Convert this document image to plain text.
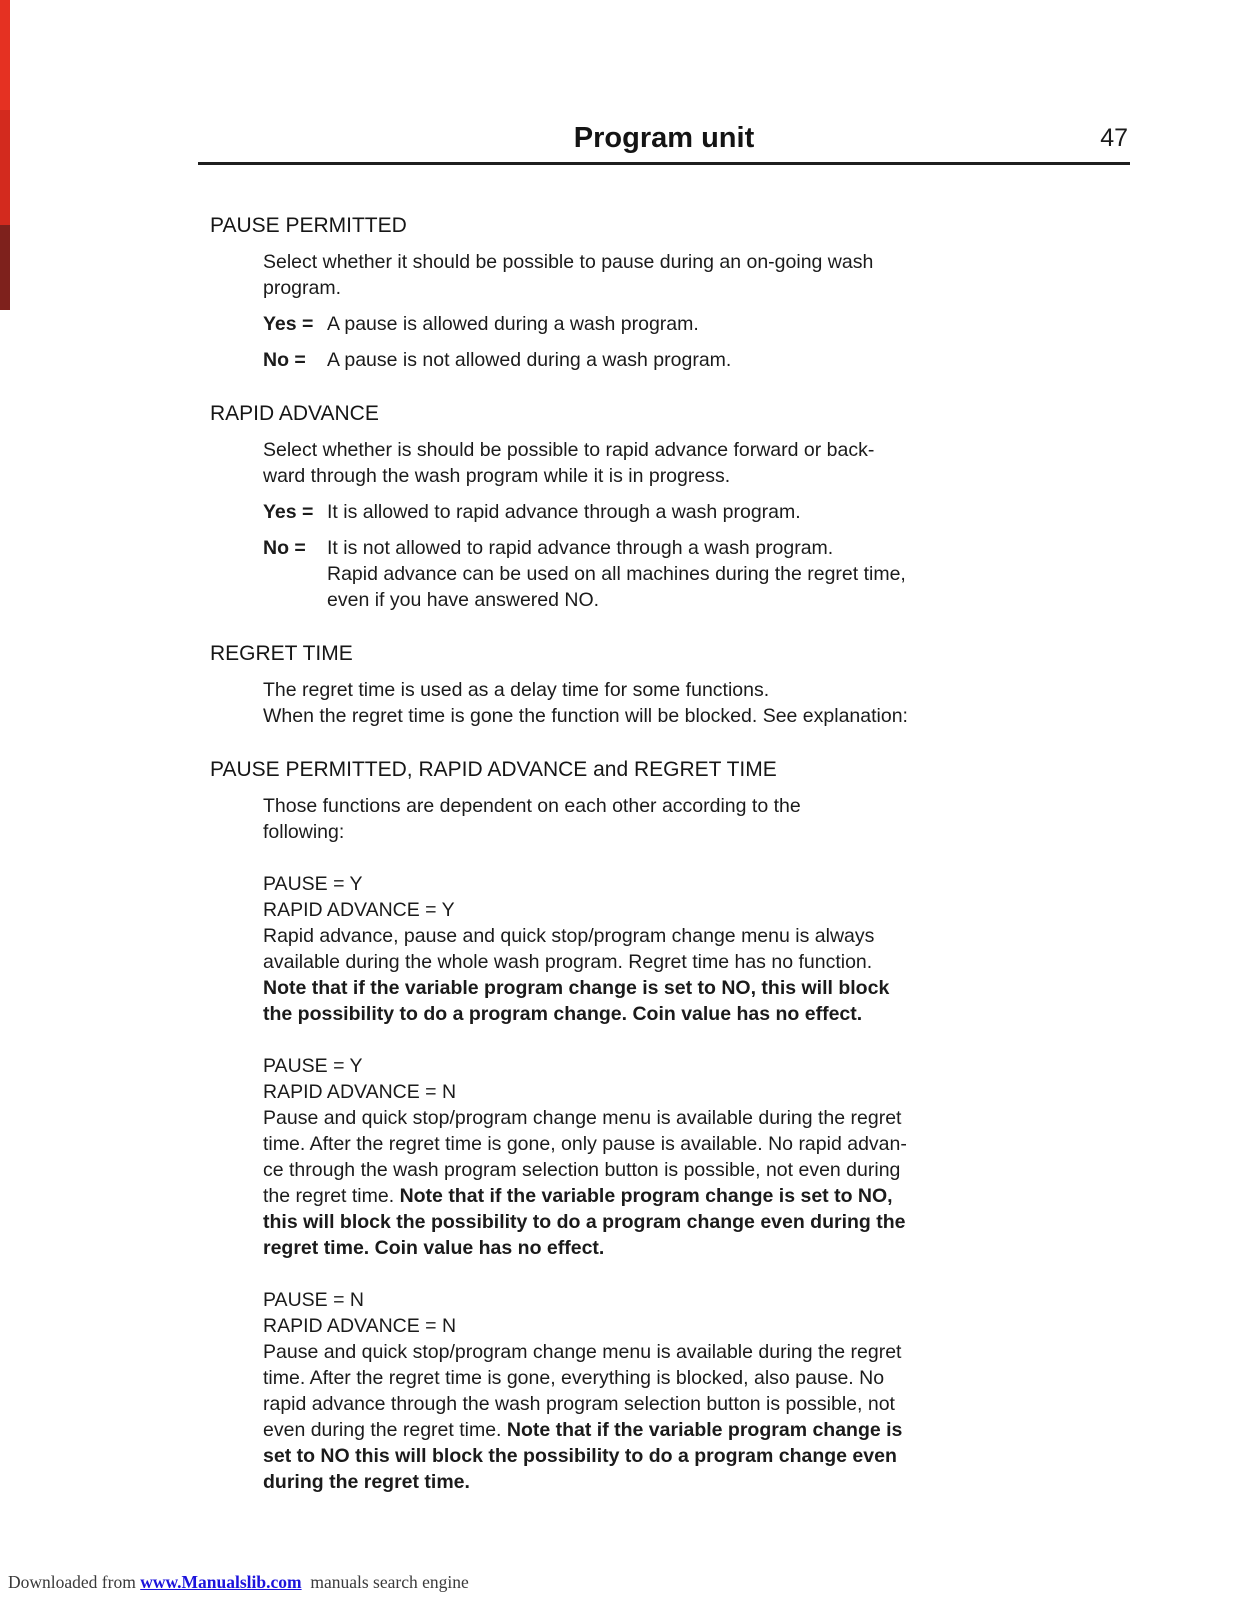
Program unit	47
PAUSE PERMITTED
Select whether it should be possible to pause during an on-going wash
program.
Yes = A pause is allowed during a wash program.
No =	A pause is not allowed during a wash program.
RAPID ADVANCE
Select whether is should be possible to rapid advance forward or back-
ward through the wash program while it is in progress.
Yes = It is allowed to rapid advance through a wash program.
No =	It is not allowed to rapid advance through a wash program.
Rapid advance can be used on all machines during the regret time,
even if you have answered NO.
REGRET TIME
The regret time is used as a delay time for some functions.
When the regret time is gone the function will be blocked. See explanation:
PAUSE PERMITTED, RAPID ADVANCE and REGRET TIME
Those functions are dependent on each other according to the
following:
PAUSE = Y
RAPID ADVANCE = Y
Rapid advance, pause and quick stop/program change menu is always
available during the whole wash program. Regret time has no function.
Note that if the variable program change is set to NO, this will block
the possibility to do a program change. Coin value has no effect.
PAUSE = Y
RAPID ADVANCE = N
Pause and quick stop/program change menu is available during the regret
time. After the regret time is gone, only pause is available. No rapid advan-
ce through the wash program selection button is possible, not even during
the regret time. Note that if the variable program change is set to NO,
this will block the possibility to do a program change even during the
regret time. Coin value has no effect.
PAUSE = N
RAPID ADVANCE = N
Pause and quick stop/program change menu is available during the regret
time. After the regret time is gone, everything is blocked, also pause. No
rapid advance through the wash program selection button is possible, not
even during the regret time. Note that if the variable program change is
set to NO this will block the possibility to do a program change even
during the regret time.
Downloaded from www.Manualslib.com  manuals search engine
